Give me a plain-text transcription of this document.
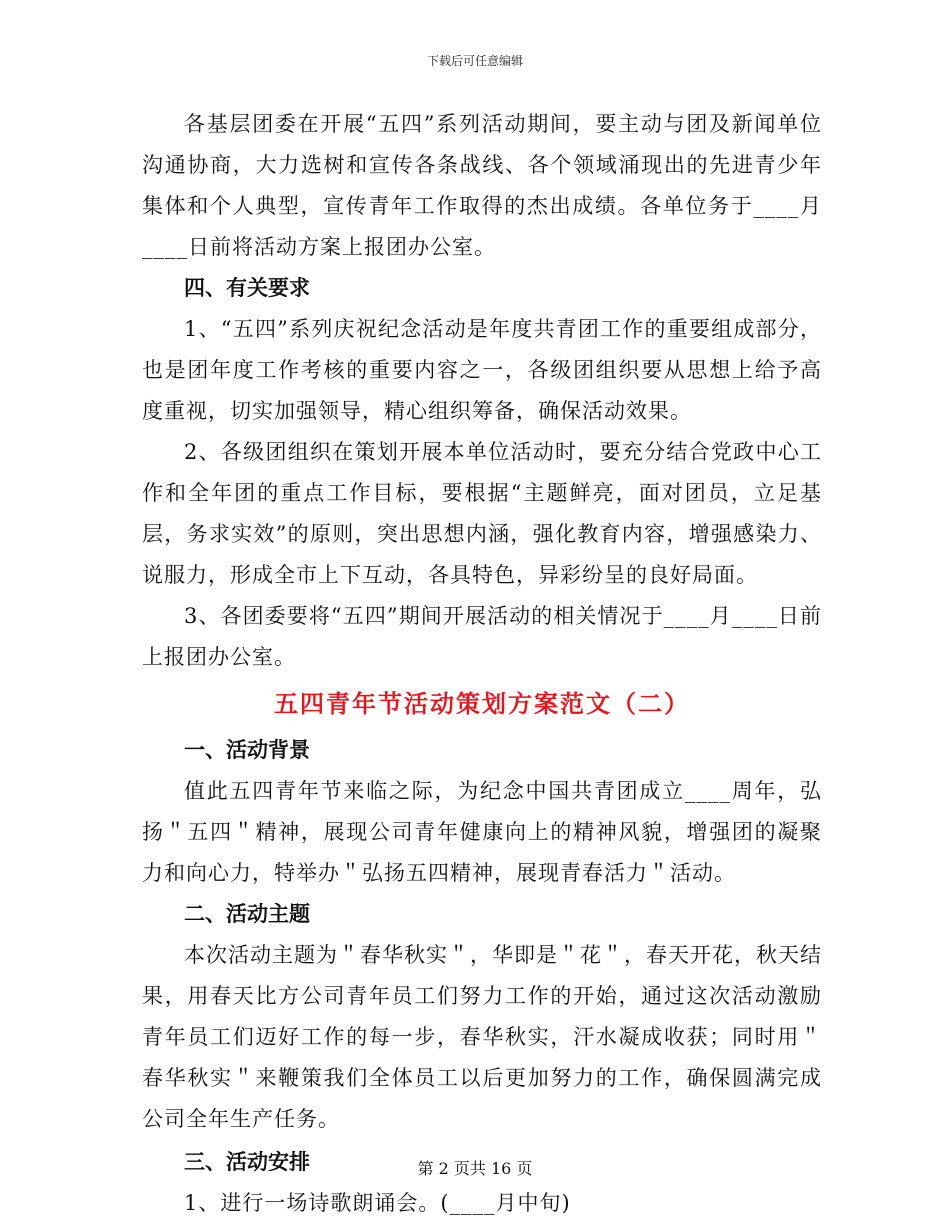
下载后可任意编辑

各基层团委在开展“五四”系列活动期间，要主动与团及新闻单位沟通协商，大力选树和宣传各条战线、各个领域涌现出的先进青少年集体和个人典型，宣传青年工作取得的杰出成绩。各单位务于____月____日前将活动方案上报团办公室。

四、有关要求

1、“五四”系列庆祝纪念活动是年度共青团工作的重要组成部分，也是团年度工作考核的重要内容之一，各级团组织要从思想上给予高度重视，切实加强领导，精心组织筹备，确保活动效果。

2、各级团组织在策划开展本单位活动时，要充分结合党政中心工作和全年团的重点工作目标，要根据“主题鲜亮，面对团员，立足基层，务求实效”的原则，突出思想内涵，强化教育内容，增强感染力、说服力，形成全市上下互动，各具特色，异彩纷呈的良好局面。

3、各团委要将“五四”期间开展活动的相关情况于____月____日前上报团办公室。

五四青年节活动策划方案范文（二）

一、活动背景

值此五四青年节来临之际，为纪念中国共青团成立____周年，弘扬＂五四＂精神，展现公司青年健康向上的精神风貌，增强团的凝聚力和向心力，特举办＂弘扬五四精神，展现青春活力＂活动。

二、活动主题

本次活动主题为＂春华秋实＂，华即是＂花＂，春天开花，秋天结果，用春天比方公司青年员工们努力工作的开始，通过这次活动激励青年员工们迈好工作的每一步，春华秋实，汗水凝成收获；同时用＂春华秋实＂来鞭策我们全体员工以后更加努力的工作，确保圆满完成公司全年生产任务。

三、活动安排

1、进行一场诗歌朗诵会。(____月中旬)

第 2 页共 16 页
